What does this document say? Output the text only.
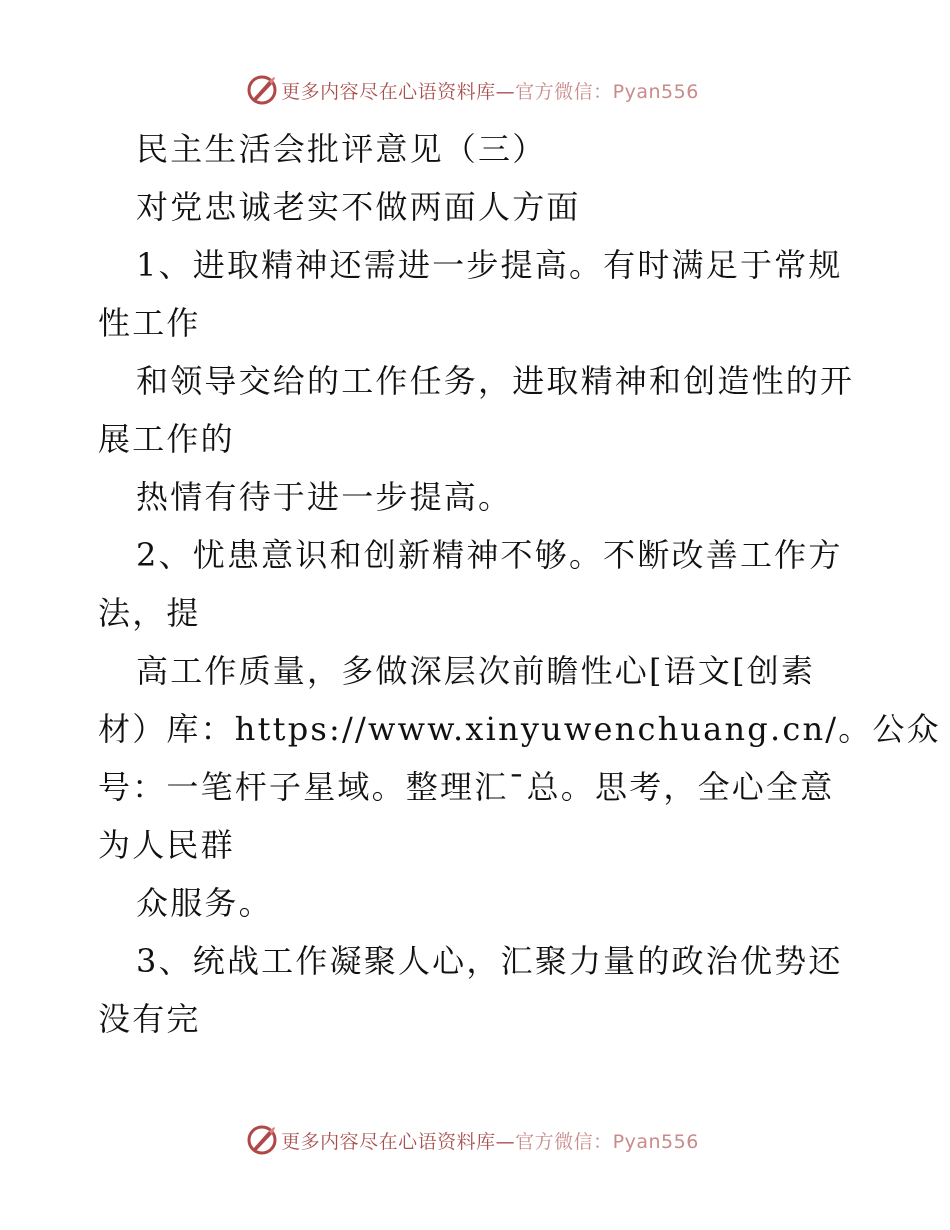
更多内容尽在心语资料库—官方微信：Pyan556
民主生活会批评意见（三）
对党忠诚老实不做两面人方面
1、进取精神还需进一步提高。有时满足于常规
性工作
和领导交给的工作任务，进取精神和创造性的开
展工作的
热情有待于进一步提高。
2、忧患意识和创新精神不够。不断改善工作方
法，提
高工作质量，多做深层次前瞻性心[语文[创素
材）库：https://www.xinyuwenchuang.cn/。公众
号：一笔杆子星域。整理汇¯总。思考，全心全意
为人民群
众服务。
3、统战工作凝聚人心，汇聚力量的政治优势还
没有完
更多内容尽在心语资料库—官方微信：Pyan556
